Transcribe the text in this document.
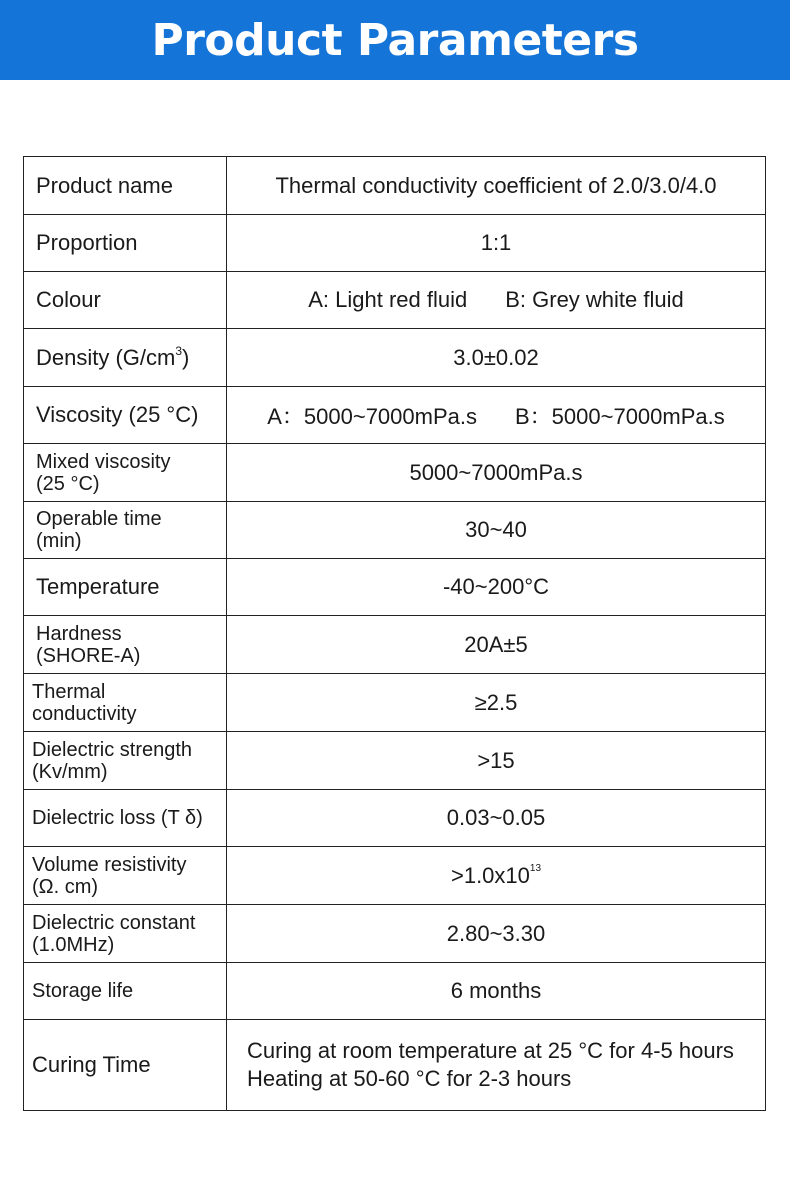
Product Parameters
Product name	Thermal conductivity coefficient of 2.0/3.0/4.0
Proportion	1:1
Colour	A: Light red fluid B: Grey white fluid
Density $(G/cm^3)$	3.0±0.02
Viscosity (25 °C)	A：5000~7000mPa.s B：5000~7000mPa.s

Mixed viscosity
(25 °C)	5000~7000mPa.s

Operable time
(min)	30~40
Temperature	-40~200°C

Hardness
(SHORE-A)	20A±5

Thermal
conductivity	≥2.5

Dielectric strength
(Kv/mm)	>15
Dielectric loss (T δ)	0.03~0.05

Volume resistivity
(Ω. cm)	$>1.0x10^{13}$

Dielectric constant
(1.0MHz)	2.80~3.30
Storage life	6 months
Curing Time	Curing at room temperature at 25 °C for 4-5 hours
Heating at 50-60 °C for 2-3 hours
